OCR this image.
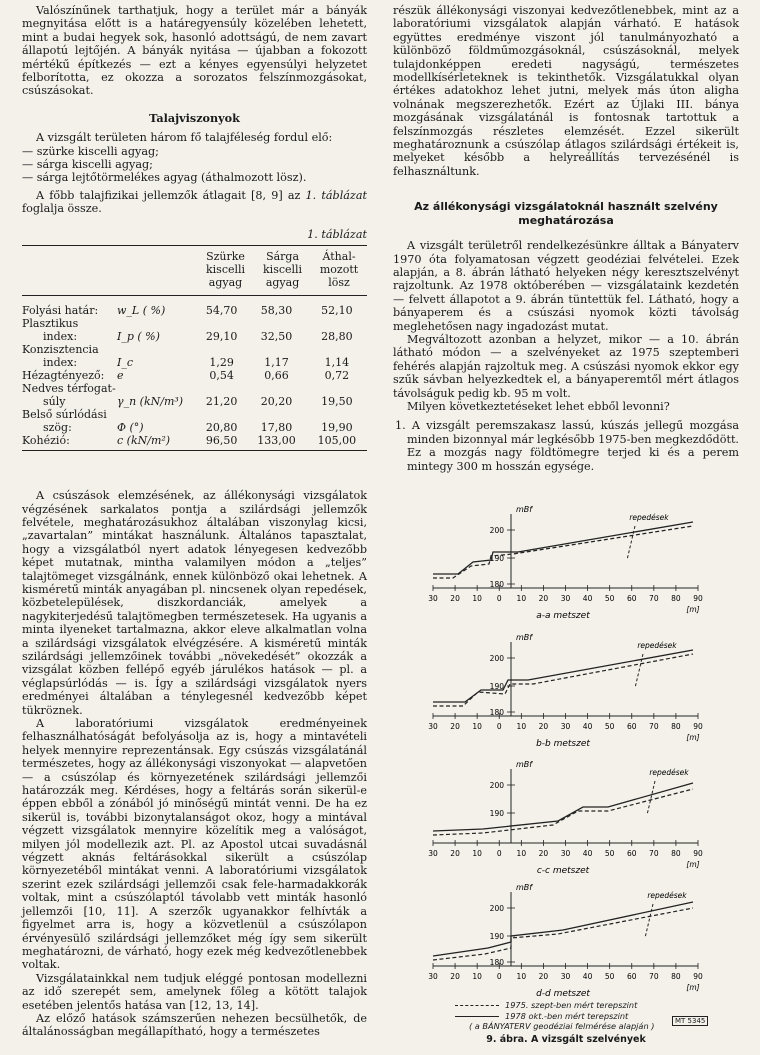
Valószínűnek tarthatjuk, hogy a terület már a bányák megnyitása előtt is a határegyensúly közelében lehetett, mint a budai hegyek sok, hasonló adottságú, de nem zavart állapotú lejtőjén. A bányák nyitása — újabban a fokozott mértékű építkezés — ezt a kényes egyensúlyi helyzetet felborította, ez okozza a sorozatos felszínmozgásokat, csúszásokat.

Talajviszonyok

A vizsgált területen három fő talajféleség fordul elő:

— szürke kiscelli agyag;
— sárga kiscelli agyag;
— sárga lejtőtörmelékes agyag (áthalmozott lösz).

A főbb talajfizikai jellemzők átlagait [8, 9] az 1. táblázat foglalja össze.

1. táblázat

		Szürke
kiscelli
agyag	Sárga
kiscelli
agyag	Áthal-
mozott
lösz
Folyási határ:	w_L ( %)	54,70	58,30	52,10
Plasztikus
index:	I_p ( %)	29,10	32,50	28,80
Konzisztencia
index:	I_c	1,29	1,17	1,14
Hézagtényező:	e	0,54	0,66	0,72
Nedves térfogat-
súly	γ_n (kN/m³)	21,20	20,20	19,50
Belső súrlódási
szög:	Φ (°)	20,80	17,80	19,90
Kohézió:	c (kN/m²)	96,50	133,00	105,00

A csúszások elemzésének, az állékonysági vizsgálatok végzésének sarkalatos pontja a szilárdsági jellemzők felvétele, meghatározásukhoz általában viszonylag kicsi, „zavartalan” mintákat használunk. Általános tapasztalat, hogy a vizsgálatból nyert adatok lényegesen kedvezőbb képet mutatnak, mintha valamilyen módon a „teljes” talajtömeget vizsgálnánk, ennek különböző okai lehetnek. A kisméretű minták anyagában pl. nincsenek olyan repedések, közbetelepülések, diszkordanciák, amelyek a nagykiterjedésű talajtömegben természetesek. Ha ugyanis a minta ilyeneket tartalmazna, akkor eleve alkalmatlan volna a szilárdsági vizsgálatok elvégzésére. A kisméretű minták szilárdsági jellemzőinek további „növekedését” okozzák a vizsgálat közben fellépő egyéb járulékos hatások — pl. a véglapsúrlódás — is. Így a szilárdsági vizsgálatok nyers eredményei általában a ténylegesnél kedvezőbb képet tükröznek.

A laboratóriumi vizsgálatok eredményeinek felhasználhatóságát befolyásolja az is, hogy a mintavételi helyek mennyire reprezentánsak. Egy csúszás vizsgálatánál természetes, hogy az állékonysági viszonyokat — alapvetően — a csúszólap és környezetének szilárdsági jellemzői határozzák meg. Kérdéses, hogy a feltárás során sikerül-e éppen ebből a zónából jó minőségű mintát venni. De ha ez sikerül is, további bizonytalanságot okoz, hogy a mintával végzett vizsgálatok mennyire közelítik meg a valóságot, milyen jól modellezik azt. Pl. az Apostol utcai suvadásnál végzett aknás feltárásokkal sikerült a csúszólap környezetéből mintákat venni. A laboratóriumi vizsgálatok szerint ezek szilárdsági jellemzői csak fele-harmadakkorák voltak, mint a csúszólaptól távolabb vett minták hasonló jellemzői [10, 11]. A szerzők ugyanakkor felhívták a figyelmet arra is, hogy a közvetlenül a csúszólapon érvényesülő szilárdsági jellemzőket még így sem sikerült meghatározni, de várható, hogy ezek még kedvezőtlenebbek voltak.

Vizsgálatainkkal nem tudjuk eléggé pontosan modellezni az idő szerepét sem, amelynek főleg a kötött talajok esetében jelentős hatása van [12, 13, 14].

Az előző hatások számszerűen nehezen becsülhetők, de általánosságban megállapítható, hogy a természetes

részük állékonysági viszonyai kedvezőtlenebbek, mint az a laboratóriumi vizsgálatok alapján várható. E hatások együttes eredménye viszont jól tanulmányozható a különböző földműmozgásoknál, csúszásoknál, melyek tulajdonképpen eredeti nagyságú, természetes modellkísérleteknek is tekinthetők. Vizsgálatukkal olyan értékes adatokhoz lehet jutni, melyek más úton aligha volnának megszerezhetők. Ezért az Újlaki III. bánya mozgásának vizsgálatánál is fontosnak tartottuk a felszínmozgás részletes elemzését. Ezzel sikerült meghatároznunk a csúszólap átlagos szilárdsági értékeit is, melyeket később a helyreállítás tervezésénél is felhasználtunk.

Az állékonysági vizsgálatoknál használt szelvény meghatározása

A vizsgált területről rendelkezésünkre álltak a Bányaterv 1970 óta folyamatosan végzett geodéziai felvételei. Ezek alapján, a 8. ábrán látható helyeken négy keresztszelvényt rajzoltunk. Az 1978 októberében — vizsgálataink kezdetén — felvett állapotot a 9. ábrán tüntettük fel. Látható, hogy a bányaperem és a csúszási nyomok közti távolság meglehetősen nagy ingadozást mutat.

Megváltozott azonban a helyzet, mikor — a 10. ábrán látható módon — a szelvényeket az 1975 szeptemberi fehérés alapján rajzoltuk meg. A csúszási nyomok ekkor egy szűk sávban helyezkedtek el, a bányaperemtől mért átlagos távolságuk pedig kb. 95 m volt.

Milyen következtetéseket lehet ebből levonni?

1. A vizsgált peremszakasz lassú, kúszás jellegű mozgása minden bizonnyal már legkésőbb 1975-ben megkezdődött. Ez a mozgás nagy földtömegre terjed ki és a perem mintegy 300 m hosszán egysége.

30 20 10 0 10 20 30 40 50 60 70 80 90
200
190
180
mBf
[m]
a-a metszet
repedések
30 20 10 0 10 20 30 40 50 60 70 80 90
200
190
180
mBf
[m]
b-b metszet
repedések
30 20 10 0 10 20 30 40 50 60 70 80 90
200
190
mBf
[m]
c-c metszet
repedések
30 20 10 0 10 20 30 40 50 60 70 80 90
200
190
180
mBf
[m]
d-d metszet
repedések
1975. szept-ben mért terepszint
1978 okt.-ben mért terepszint
( a BÁNYATERV geodéziai felmérése alapján )	MT 5345
9. ábra. A vizsgált szelvények
